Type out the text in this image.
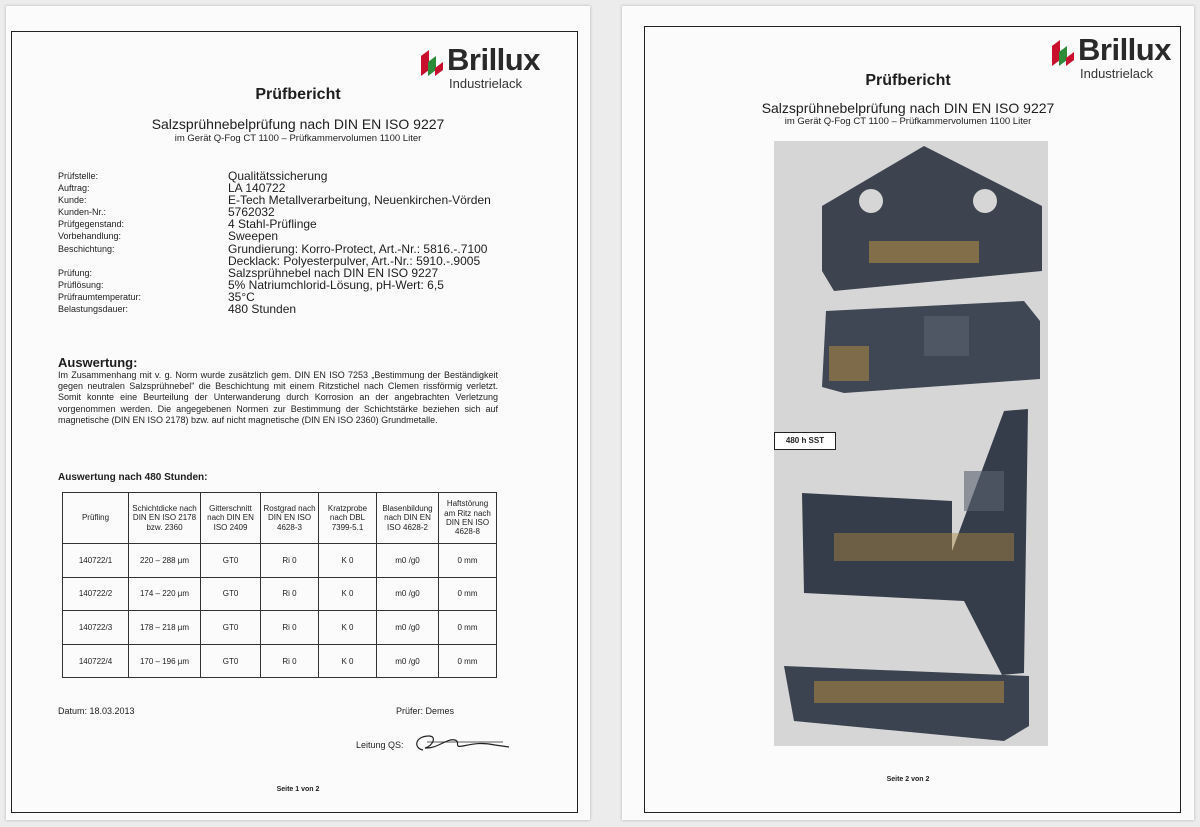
Brillux
Industrielack
Prüfbericht
Salzsprühnebelprüfung nach DIN EN ISO 9227
im Gerät Q-Fog CT 1100 – Prüfkammervolumen 1100 Liter
Prüfstelle:	Qualitätssicherung
Auftrag:	LA 140722
Kunde:	E-Tech Metallverarbeitung, Neuenkirchen-Vörden
Kunden-Nr.:	5762032
Prüfgegenstand:	4 Stahl-Prüflinge
Vorbehandlung:	Sweepen
Beschichtung:	Grundierung: Korro-Protect, Art.-Nr.: 5816.-.7100
Decklack: Polyesterpulver, Art.-Nr.: 5910.-.9005
Prüfung:	Salzsprühnebel nach DIN EN ISO 9227
Prüflösung:	5% Natriumchlorid-Lösung, pH-Wert: 6,5
Prüfraumtemperatur:	35°C
Belastungsdauer:	480 Stunden
Auswertung:
Im Zusammenhang mit v. g. Norm wurde zusätzlich gem. DIN EN ISO 7253 „Bestimmung der Beständigkeit gegen neutralen Salzsprühnebel" die Beschichtung mit einem Ritzstichel nach Clemen rissförmig verletzt. Somit konnte eine Beurteilung der Unterwanderung durch Korrosion an der angebrachten Verletzung vorgenommen werden. Die angegebenen Normen zur Bestimmung der Schichtstärke beziehen sich auf magnetische (DIN EN ISO 2178) bzw. auf nicht magnetische (DIN EN ISO 2360) Grundmetalle.
Auswertung nach 480 Stunden:
Prüfling	Schichtdicke nach DIN EN ISO 2178 bzw. 2360	Gitterschnitt nach DIN EN ISO 2409	Rostgrad nach DIN EN ISO 4628-3	Kratzprobe nach DBL 7399-5.1	Blasenbildung nach DIN EN ISO 4628-2	Haftstörung am Ritz nach DIN EN ISO 4628-8
140722/1	220 – 288 µm	GT0	Ri 0	K 0	m0 /g0	0 mm
140722/2	174 – 220 µm	GT0	Ri 0	K 0	m0 /g0	0 mm
140722/3	178 – 218 µm	GT0	Ri 0	K 0	m0 /g0	0 mm
140722/4	170 – 196 µm	GT0	Ri 0	K 0	m0 /g0	0 mm
Datum: 18.03.2013	Prüfer: Demes
Leitung QS:
Seite 1 von 2
Brillux
Industrielack
Prüfbericht
Salzsprühnebelprüfung nach DIN EN ISO 9227
im Gerät Q-Fog CT 1100 – Prüfkammervolumen 1100 Liter
480 h SST
Seite 2 von 2
